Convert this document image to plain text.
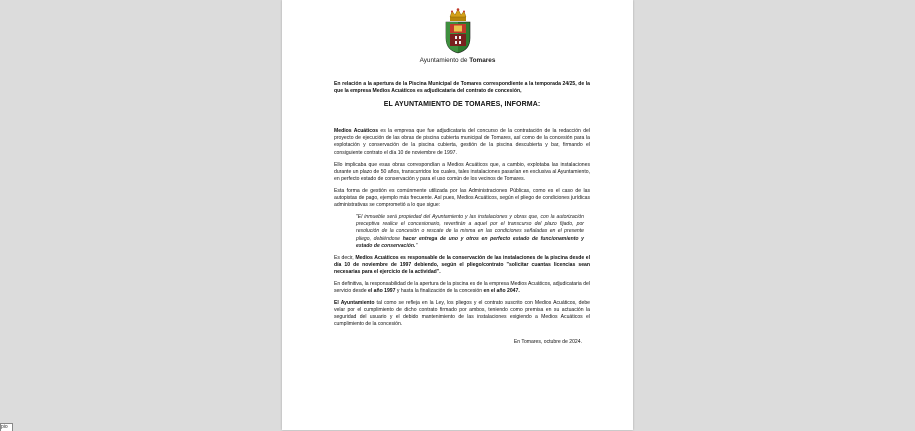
Ayuntamiento de Tomares

En relación a la apertura de la Piscina Municipal de Tomares correspondiente a la temporada 24/25, de la que la empresa Medios Acuáticos es adjudicataria del contrato de concesión,

EL AYUNTAMIENTO DE TOMARES, INFORMA:

Medios Acuáticos es la empresa que fue adjudicataria del concurso de la contratación de la redacción del proyecto de ejecución de las obras de piscina cubierta municipal de Tomares, así como de la concesión para la explotación y conservación de la piscina cubierta, gestión de la piscina descubierta y bar, firmando el consiguiente contrato el día 10 de noviembre de 1997.

Ello implicaba que esas obras correspondían a Medios Acuáticos que, a cambio, explotaba las instalaciones durante un plazo de 50 años, transcurridos los cuales, tales instalaciones pasarían en exclusiva al Ayuntamiento, en perfecto estado de conservación y para el uso común de los vecinos de Tomares.

Esta forma de gestión es comúnmente utilizada por las Administraciones Públicas, como es el caso de las autopistas de pago, ejemplo más frecuente. Así pues, Medios Acuáticos, según el pliego de condiciones jurídicas administrativas se comprometió a lo que sigue:

"El inmueble será propiedad del Ayuntamiento y las instalaciones y obras que, con la autorización preceptiva realice el concesionario, revertirán a aquel por el transcurso del plazo fijado, por resolución de la concesión o rescate de la misma en las condiciones señaladas en el presente pliego, debiéndose hacer entrega de uno y otros en perfecto estado de funcionamiento y estado de conservación."

Es decir, Medios Acuáticos es responsable de la conservación de las instalaciones de la piscina desde el día 10 de noviembre de 1997 debiendo, según el pliego/contrato "solicitar cuantas licencias sean necesarias para el ejercicio de la actividad".

En definitiva, la responsabilidad de la apertura de la piscina es de la empresa Medios Acuáticos, adjudicataria del servicio desde el año 1997 y hasta la finalización de la concesión en el año 2047.

El Ayuntamiento tal como se refleja en la Ley, los pliegos y el contrato suscrito con Medios Acuáticos, debe velar por el cumplimiento de dicho contrato firmado por ambos, teniendo como premisa en su actuación la seguridad del usuario y el debido mantenimiento de las instalaciones exigiendo a Medios Acuáticos el cumplimiento de la concesión.

En Tomares, octubre de 2024.

pio
